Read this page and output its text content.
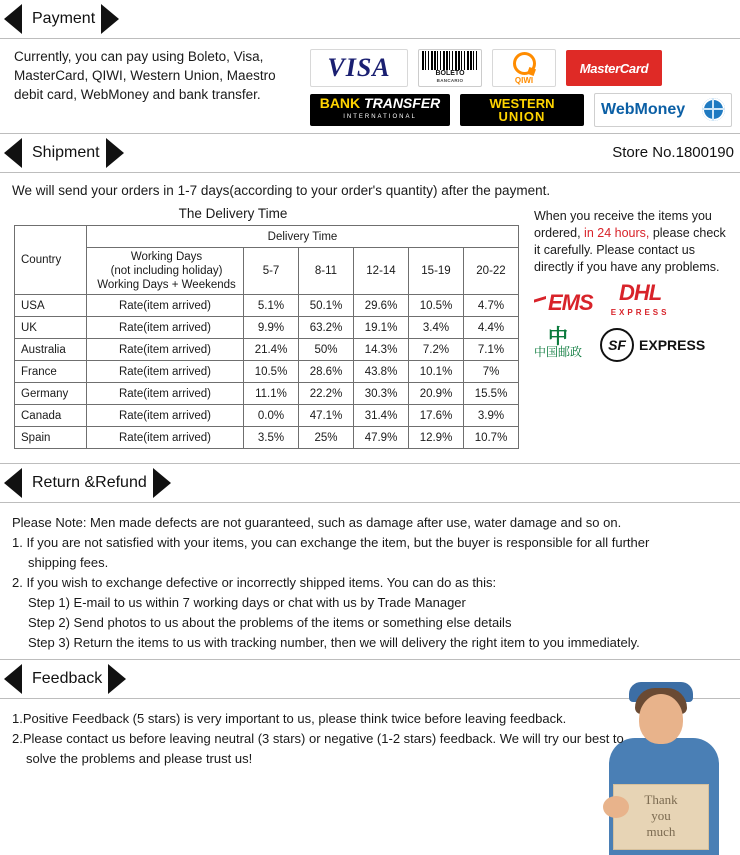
Payment
Currently, you can pay using Boleto, Visa, MasterCard, QIWI, Western Union, Maestro debit card, WebMoney and bank transfer.
VISA	BOLETO
BANCARIO	QIWI
MasterCard
BANK TRANSFER
INTERNATIONAL
WESTERN
UNION	WebMoney
Shipment	Store No.1800190
We will send your orders in 1-7 days(according to your order's quantity) after the payment.
The Delivery Time
Country	Delivery Time					

	Working Days
(not including holiday)
Working Days + Weekends	5-7	8-11	12-14	15-19	20-22
USA	Rate(item arrived)	5.1%	50.1%	29.6%	10.5%	4.7%
UK	Rate(item arrived)	9.9%	63.2%	19.1%	3.4%	4.4%
Australia	Rate(item arrived)	21.4%	50%	14.3%	7.2%	7.1%
France	Rate(item arrived)	10.5%	28.6%	43.8%	10.1%	7%
Germany	Rate(item arrived)	11.1%	22.2%	30.3%	20.9%	15.5%
Canada	Rate(item arrived)	0.0%	47.1%	31.4%	17.6%	3.9%
Spain	Rate(item arrived)	3.5%	25%	47.9%	12.9%	10.7%
When you receive the items you ordered, in 24 hours, please check it carefully. Please contact us directly if you have any problems.
EMS	DHL
EXPRESS
中
中国邮政	SF EXPRESS
Return &Refund
Please Note: Men made defects are not guaranteed, such as damage after use, water damage and so on.
1. If you are not satisfied with your items, you can exchange the item, but the buyer is responsible for all further
shipping fees.
2. If you wish to exchange defective or incorrectly shipped items. You can do as this:
Step 1) E-mail to us within 7 working days or chat with us by Trade Manager
Step 2) Send photos to us about the problems of the items or something else details
Step 3) Return the items to us with tracking number, then we will delivery the right item to you immediately.
Feedback
1.Positive Feedback (5 stars) is very important to us, please think twice before leaving feedback.
2.Please contact us before leaving neutral (3 stars) or negative (1-2 stars) feedback. We will try our best to
solve the problems and please trust us!
Thank
you
much
